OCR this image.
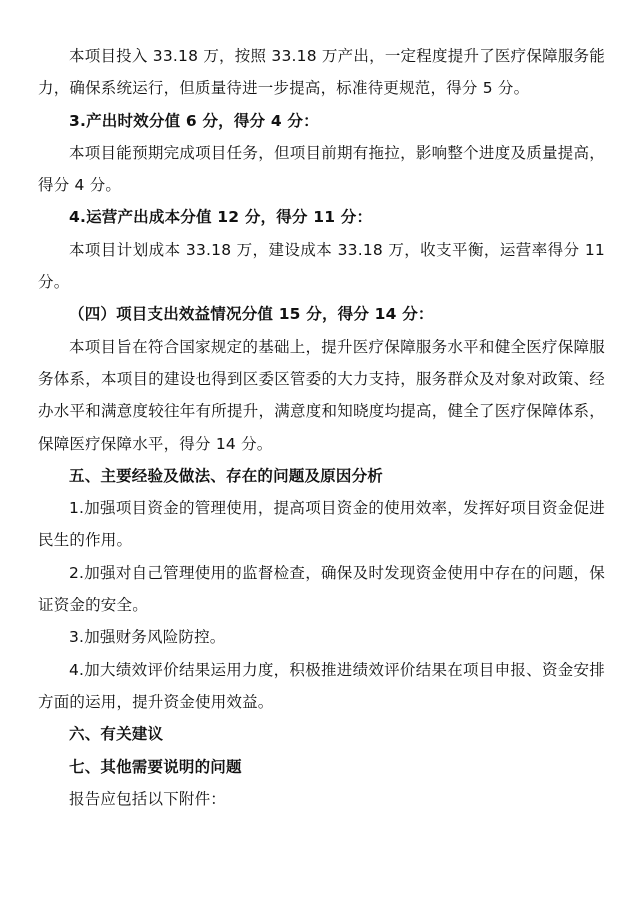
本项目投入 33.18 万，按照 33.18 万产出，一定程度提升了医疗保障服务能力，确保系统运行，但质量待进一步提高，标准待更规范，得分 5 分。

3.产出时效分值 6 分，得分 4 分：

本项目能预期完成项目任务，但项目前期有拖拉，影响整个进度及质量提高，得分 4 分。

4.运营产出成本分值 12 分，得分 11 分：

本项目计划成本 33.18 万，建设成本 33.18 万，收支平衡，运营率得分 11 分。

（四）项目支出效益情况分值 15 分，得分 14 分：

本项目旨在符合国家规定的基础上，提升医疗保障服务水平和健全医疗保障服务体系，本项目的建设也得到区委区管委的大力支持，服务群众及对象对政策、经办水平和满意度较往年有所提升，满意度和知晓度均提高，健全了医疗保障体系，保障医疗保障水平，得分 14 分。

五、主要经验及做法、存在的问题及原因分析

1.加强项目资金的管理使用，提高项目资金的使用效率，发挥好项目资金促进民生的作用。

2.加强对自己管理使用的监督检查，确保及时发现资金使用中存在的问题，保证资金的安全。

3.加强财务风险防控。

4.加大绩效评价结果运用力度，积极推进绩效评价结果在项目申报、资金安排方面的运用，提升资金使用效益。

六、有关建议

七、其他需要说明的问题

报告应包括以下附件：
